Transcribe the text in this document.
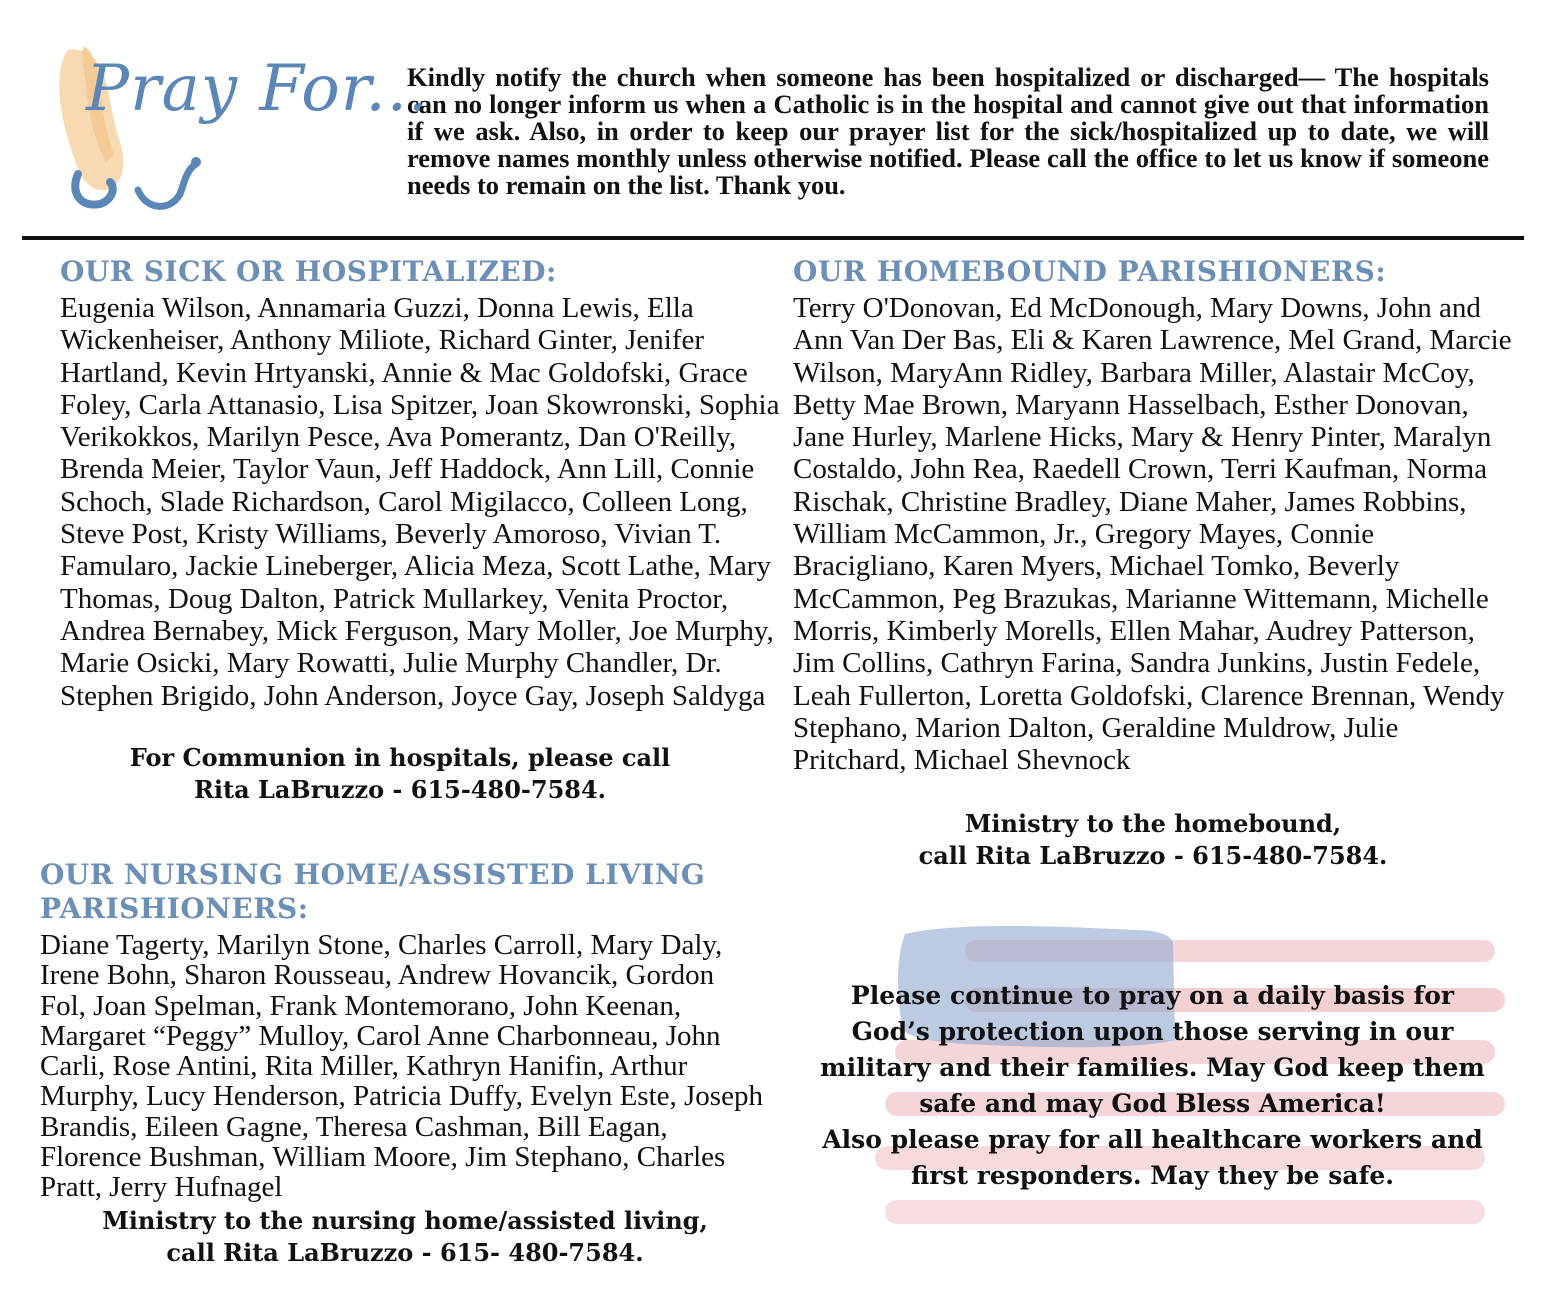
Pray For...
Kindly notify the church when someone has been hospitalized or discharged— The hospitals can no longer inform us when a Catholic is in the hospital and cannot give out that information if we ask. Also, in order to keep our prayer list for the sick/hospitalized up to date, we will remove names monthly unless otherwise notified. Please call the office to let us know if someone needs to remain on the list. Thank you.
OUR SICK OR HOSPITALIZED:
Eugenia Wilson, Annamaria Guzzi, Donna Lewis, Ella Wickenheiser, Anthony Miliote, Richard Ginter, Jenifer Hartland, Kevin Hrtyanski, Annie & Mac Goldofski, Grace Foley, Carla Attanasio, Lisa Spitzer, Joan Skowronski, Sophia Verikokkos, Marilyn Pesce, Ava Pomerantz, Dan O'Reilly, Brenda Meier, Taylor Vaun, Jeff Haddock, Ann Lill, Connie Schoch, Slade Richardson, Carol Migilacco, Colleen Long, Steve Post, Kristy Williams, Beverly Amoroso, Vivian T. Famularo, Jackie Lineberger, Alicia Meza, Scott Lathe, Mary Thomas, Doug Dalton, Patrick Mullarkey, Venita Proctor, Andrea Bernabey, Mick Ferguson, Mary Moller, Joe Murphy, Marie Osicki, Mary Rowatti, Julie Murphy Chandler, Dr. Stephen Brigido, John Anderson, Joyce Gay, Joseph Saldyga
For Communion in hospitals, please call
Rita LaBruzzo - 615-480-7584.
OUR HOMEBOUND PARISHIONERS:
Terry O'Donovan, Ed McDonough, Mary Downs, John and Ann Van Der Bas, Eli & Karen Lawrence, Mel Grand, Marcie Wilson, MaryAnn Ridley, Barbara Miller, Alastair McCoy, Betty Mae Brown, Maryann Hasselbach, Esther Donovan, Jane Hurley, Marlene Hicks, Mary & Henry Pinter, Maralyn Costaldo, John Rea, Raedell Crown, Terri Kaufman, Norma Rischak, Christine Bradley, Diane Maher, James Robbins, William McCammon, Jr., Gregory Mayes, Connie Bracigliano, Karen Myers, Michael Tomko, Beverly McCammon, Peg Brazukas, Marianne Wittemann, Michelle Morris, Kimberly Morells, Ellen Mahar, Audrey Patterson, Jim Collins, Cathryn Farina, Sandra Junkins, Justin Fedele, Leah Fullerton, Loretta Goldofski, Clarence Brennan, Wendy Stephano, Marion Dalton, Geraldine Muldrow, Julie Pritchard, Michael Shevnock
Ministry to the homebound,
call Rita LaBruzzo - 615-480-7584.
OUR NURSING HOME/ASSISTED LIVING PARISHIONERS:
Diane Tagerty, Marilyn Stone, Charles Carroll, Mary Daly, Irene Bohn, Sharon Rousseau, Andrew Hovancik, Gordon Fol, Joan Spelman, Frank Montemorano, John Keenan, Margaret “Peggy” Mulloy, Carol Anne Charbonneau, John Carli, Rose Antini, Rita Miller, Kathryn Hanifin, Arthur Murphy, Lucy Henderson, Patricia Duffy, Evelyn Este, Joseph Brandis, Eileen Gagne, Theresa Cashman, Bill Eagan, Florence Bushman, William Moore, Jim Stephano, Charles Pratt, Jerry Hufnagel
Ministry to the nursing home/assisted living,
call Rita LaBruzzo - 615- 480-7584.
Please continue to pray on a daily basis for
God’s protection upon those serving in our
military and their families. May God keep them
safe and may God Bless America!
Also please pray for all healthcare workers and
first responders. May they be safe.
